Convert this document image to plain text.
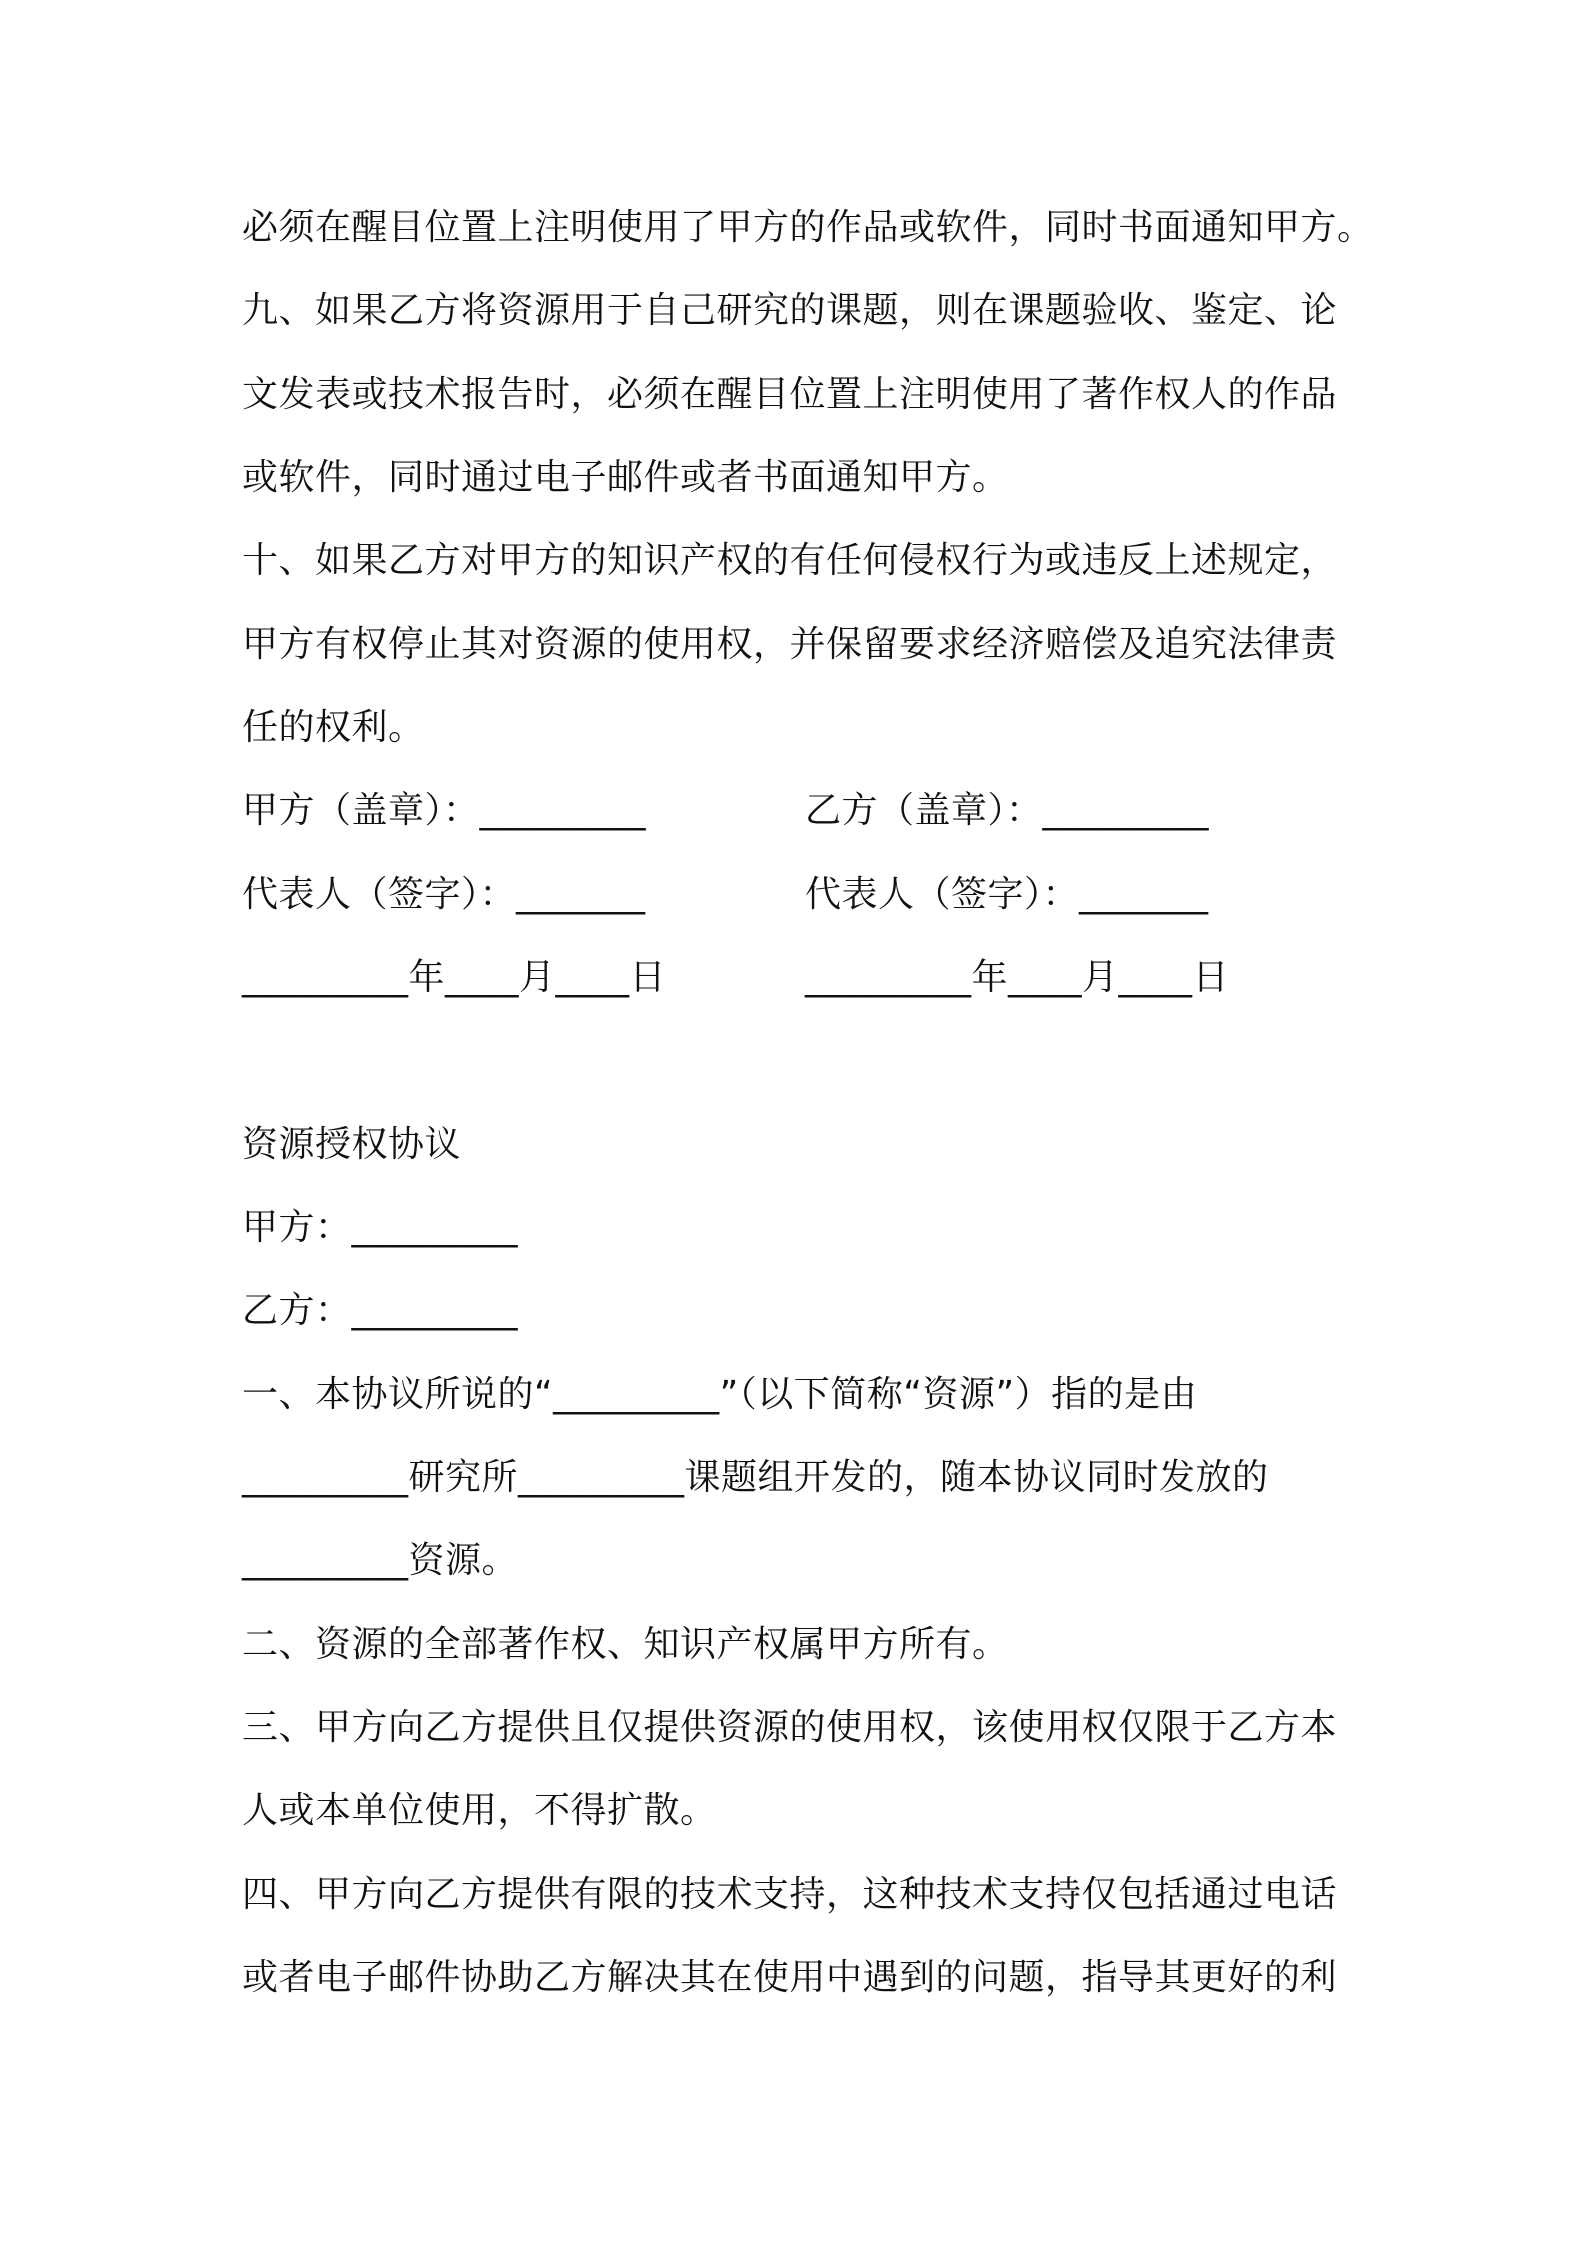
必须在醒目位置上注明使用了甲方的作品或软件，同时书面通知甲方。
九、如果乙方将资源用于自己研究的课题，则在课题验收、鉴定、论
文发表或技术报告时，必须在醒目位置上注明使用了著作权人的作品
或软件，同时通过电子邮件或者书面通知甲方。
十、如果乙方对甲方的知识产权的有任何侵权行为或违反上述规定，
甲方有权停止其对资源的使用权，并保留要求经济赔偿及追究法律责
任的权利。
甲方（盖章）：_________	乙方（盖章）：_________
代表人（签字）：_______	代表人（签字）：_______
_________年____月____日	_________年____月____日
资源授权协议
甲方：_________
乙方：_________
一、本协议所说的“_________”（以下简称“资源”）指的是由
_________研究所_________课题组开发的，随本协议同时发放的
_________资源。
二、资源的全部著作权、知识产权属甲方所有。
三、甲方向乙方提供且仅提供资源的使用权，该使用权仅限于乙方本
人或本单位使用，不得扩散。
四、甲方向乙方提供有限的技术支持，这种技术支持仅包括通过电话
或者电子邮件协助乙方解决其在使用中遇到的问题，指导其更好的利
